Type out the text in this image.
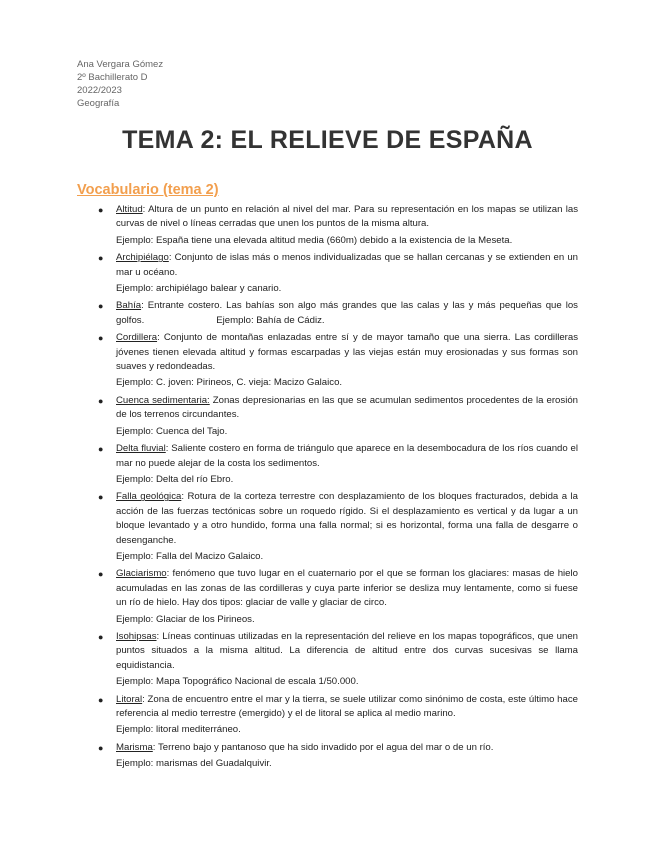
Ana Vergara Gómez
2º Bachillerato D
2022/2023
Geografía
TEMA 2: EL RELIEVE DE ESPAÑA
Vocabulario (tema 2)
● Altitud: Altura de un punto en relación al nivel del mar. Para su representación en los mapas se utilizan las curvas de nivel o líneas cerradas que unen los puntos de la misma altura.

Ejemplo: España tiene una elevada altitud media (660m) debido a la existencia de la Meseta.
● Archipiélago: Conjunto de islas más o menos individualizadas que se hallan cercanas y se extienden en un mar u océano.

Ejemplo: archipiélago balear y canario.
● Bahía: Entrante costero. Las bahías son algo más grandes que las calas y las y más pequeñas que los golfos.	Ejemplo: Bahía de Cádiz.

● Cordillera: Conjunto de montañas enlazadas entre sí y de mayor tamaño que una sierra. Las cordilleras jóvenes tienen elevada altitud y formas escarpadas y las viejas están muy erosionadas y sus formas son suaves y redondeadas.

Ejemplo: C. joven: Pirineos, C. vieja: Macizo Galaico.
● Cuenca sedimentaria: Zonas depresionarias en las que se acumulan sedimentos procedentes de la erosión de los terrenos circundantes.

Ejemplo: Cuenca del Tajo.
● Delta fluvial: Saliente costero en forma de triángulo que aparece en la desembocadura de los ríos cuando el mar no puede alejar de la costa los sedimentos.

Ejemplo: Delta del río Ebro.
● Falla geológica: Rotura de la corteza terrestre con desplazamiento de los bloques fracturados, debida a la acción de las fuerzas tectónicas sobre un roquedo rígido. Si el desplazamiento es vertical y da lugar a un bloque levantado y a otro hundido, forma una falla normal; si es horizontal, forma una falla de desgarre o desenganche.

Ejemplo: Falla del Macizo Galaico.
● Glaciarismo: fenómeno que tuvo lugar en el cuaternario por el que se forman los glaciares: masas de hielo acumuladas en las zonas de las cordilleras y cuya parte inferior se desliza muy lentamente, como si fuese un río de hielo. Hay dos tipos: glaciar de valle y glaciar de circo.

Ejemplo: Glaciar de los Pirineos.
● Isohipsas: Líneas continuas utilizadas en la representación del relieve en los mapas topográficos, que unen puntos situados a la misma altitud. La diferencia de altitud entre dos curvas sucesivas se llama equidistancia.

Ejemplo: Mapa Topográfico Nacional de escala 1/50.000.
● Litoral: Zona de encuentro entre el mar y la tierra, se suele utilizar como sinónimo de costa, este último hace referencia al medio terrestre (emergido) y el de litoral se aplica al medio marino.

Ejemplo: litoral mediterráneo.
● Marisma: Terreno bajo y pantanoso que ha sido invadido por el agua del mar o de un río.

Ejemplo: marismas del Guadalquivir.
